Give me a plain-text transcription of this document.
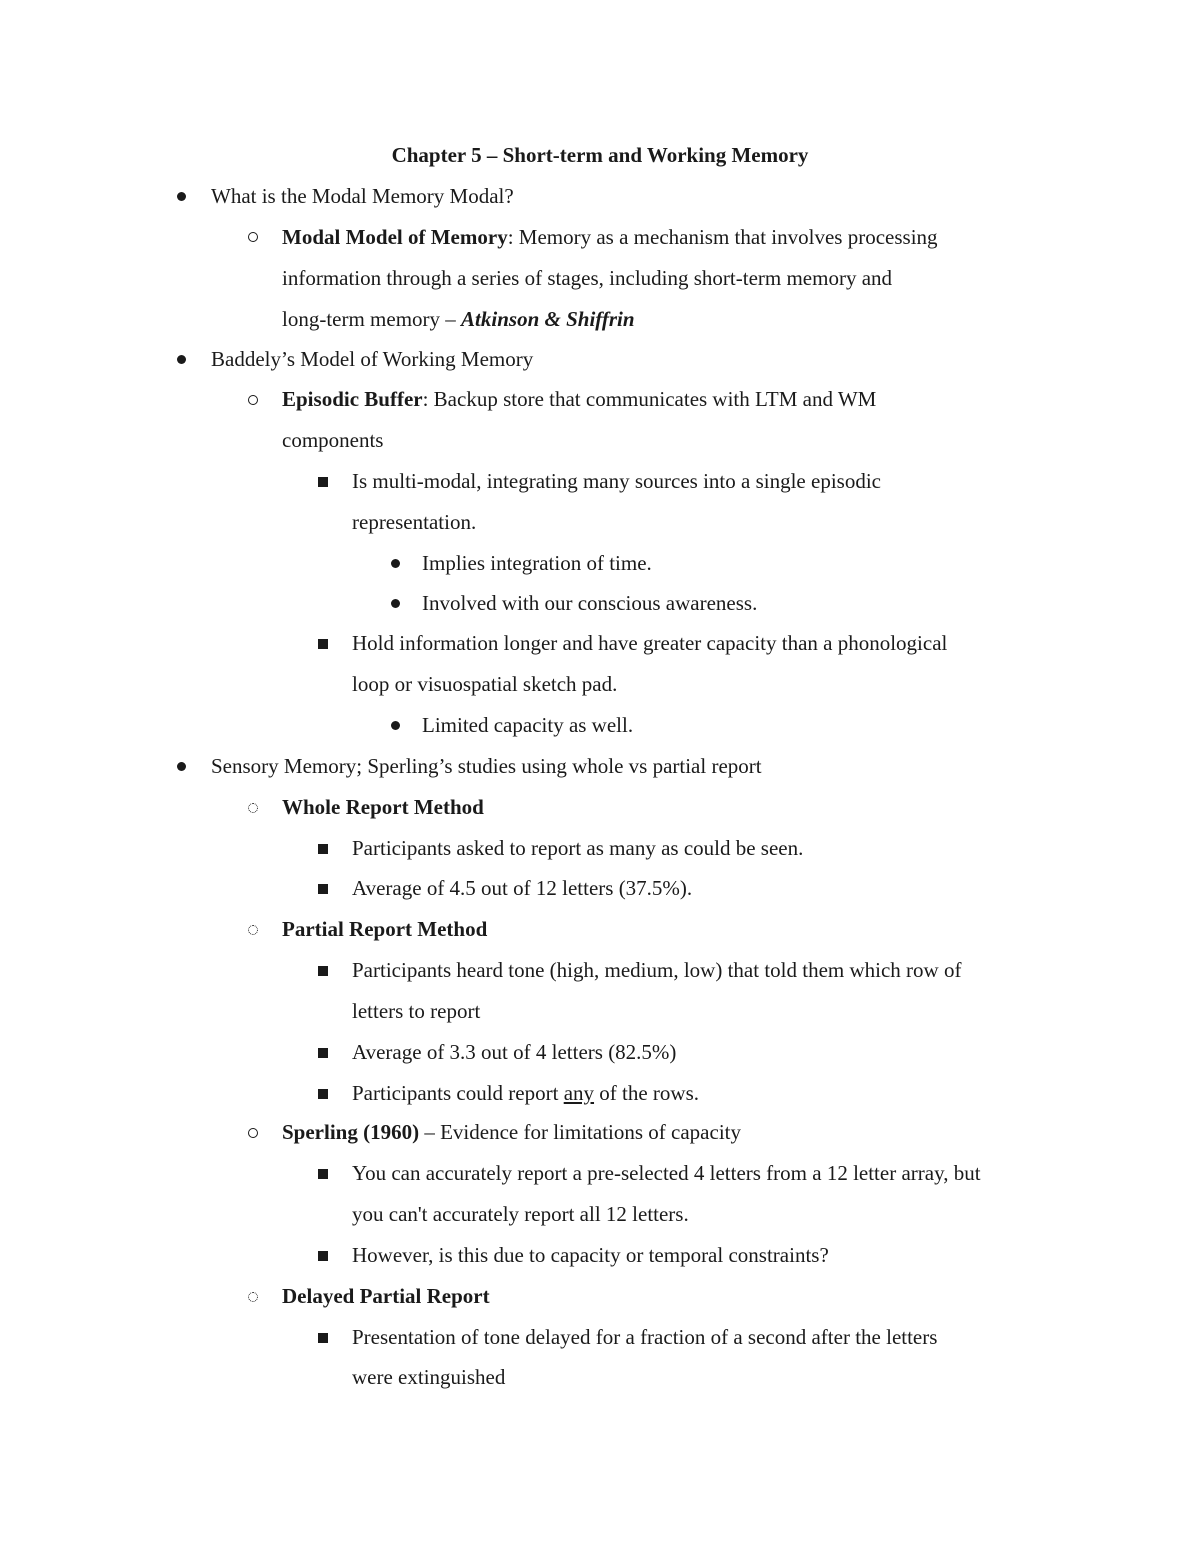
Chapter 5 – Short-term and Working Memory
What is the Modal Memory Modal?
Modal Model of Memory: Memory as a mechanism that involves processing
information through a series of stages, including short-term memory and
long-term memory – Atkinson & Shiffrin
Baddely’s Model of Working Memory
Episodic Buffer: Backup store that communicates with LTM and WM
components
Is multi-modal, integrating many sources into a single episodic
representation.
Implies integration of time.
Involved with our conscious awareness.
Hold information longer and have greater capacity than a phonological
loop or visuospatial sketch pad.
Limited capacity as well.
Sensory Memory; Sperling’s studies using whole vs partial report
Whole Report Method
Participants asked to report as many as could be seen.
Average of 4.5 out of 12 letters (37.5%).
Partial Report Method
Participants heard tone (high, medium, low) that told them which row of
letters to report
Average of 3.3 out of 4 letters (82.5%)
Participants could report any of the rows.
Sperling (1960) – Evidence for limitations of capacity
You can accurately report a pre-selected 4 letters from a 12 letter array, but
you can't accurately report all 12 letters.
However, is this due to capacity or temporal constraints?
Delayed Partial Report
Presentation of tone delayed for a fraction of a second after the letters
were extinguished
